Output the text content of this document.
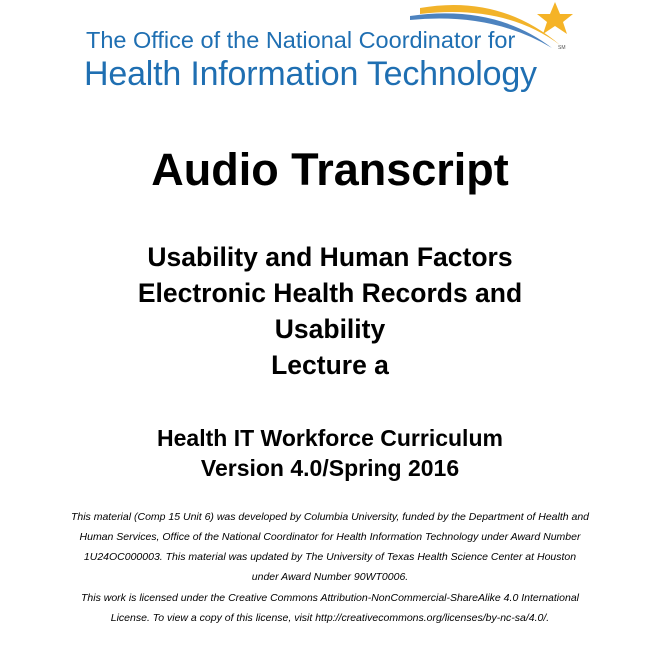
The Office of the National Coordinator for
Health Information Technology
SM
Audio Transcript
Usability and Human Factors
Electronic Health Records and
Usability
Lecture a
Health IT Workforce Curriculum
Version 4.0/Spring 2016
This material (Comp 15 Unit 6) was developed by Columbia University, funded by the Department of Health and Human Services, Office of the National Coordinator for Health Information Technology under Award Number 1U24OC000003. This material was updated by The University of Texas Health Science Center at Houston under Award Number 90WT0006.
This work is licensed under the Creative Commons Attribution-NonCommercial-ShareAlike 4.0 International License. To view a copy of this license, visit http://creativecommons.org/licenses/by-nc-sa/4.0/.
